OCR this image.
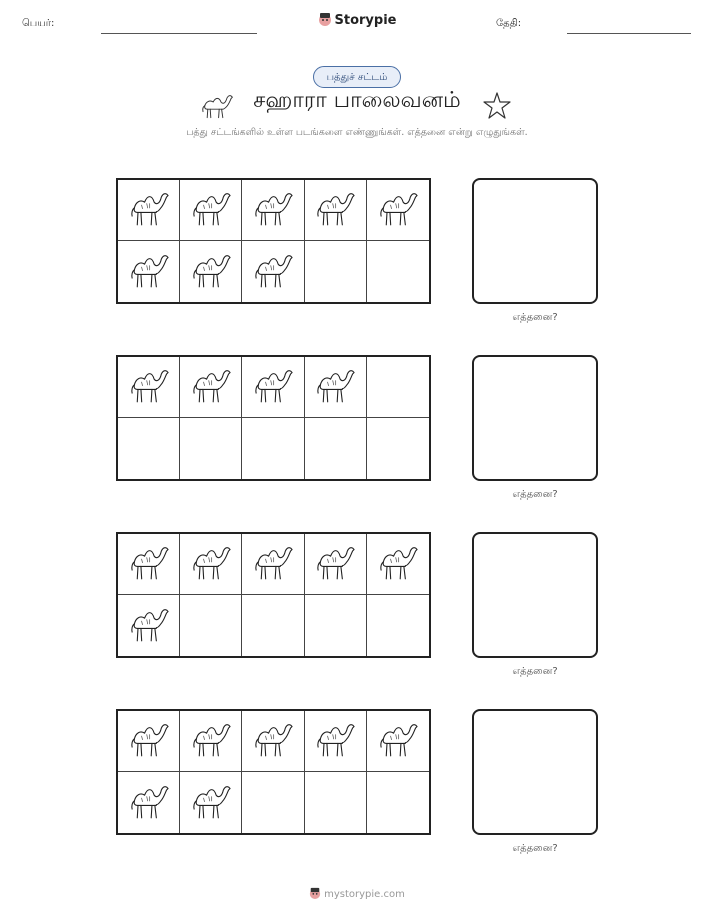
பெயர்:	Storypie	தேதி:
பத்துச் சட்டம்
சஹாரா பாலைவனம்
பத்து சட்டங்களில் உள்ள படங்களை எண்ணுங்கள். எத்தனை என்று எழுதுங்கள்.
எத்தனை?
எத்தனை?
எத்தனை?
எத்தனை?
mystorypie.com
